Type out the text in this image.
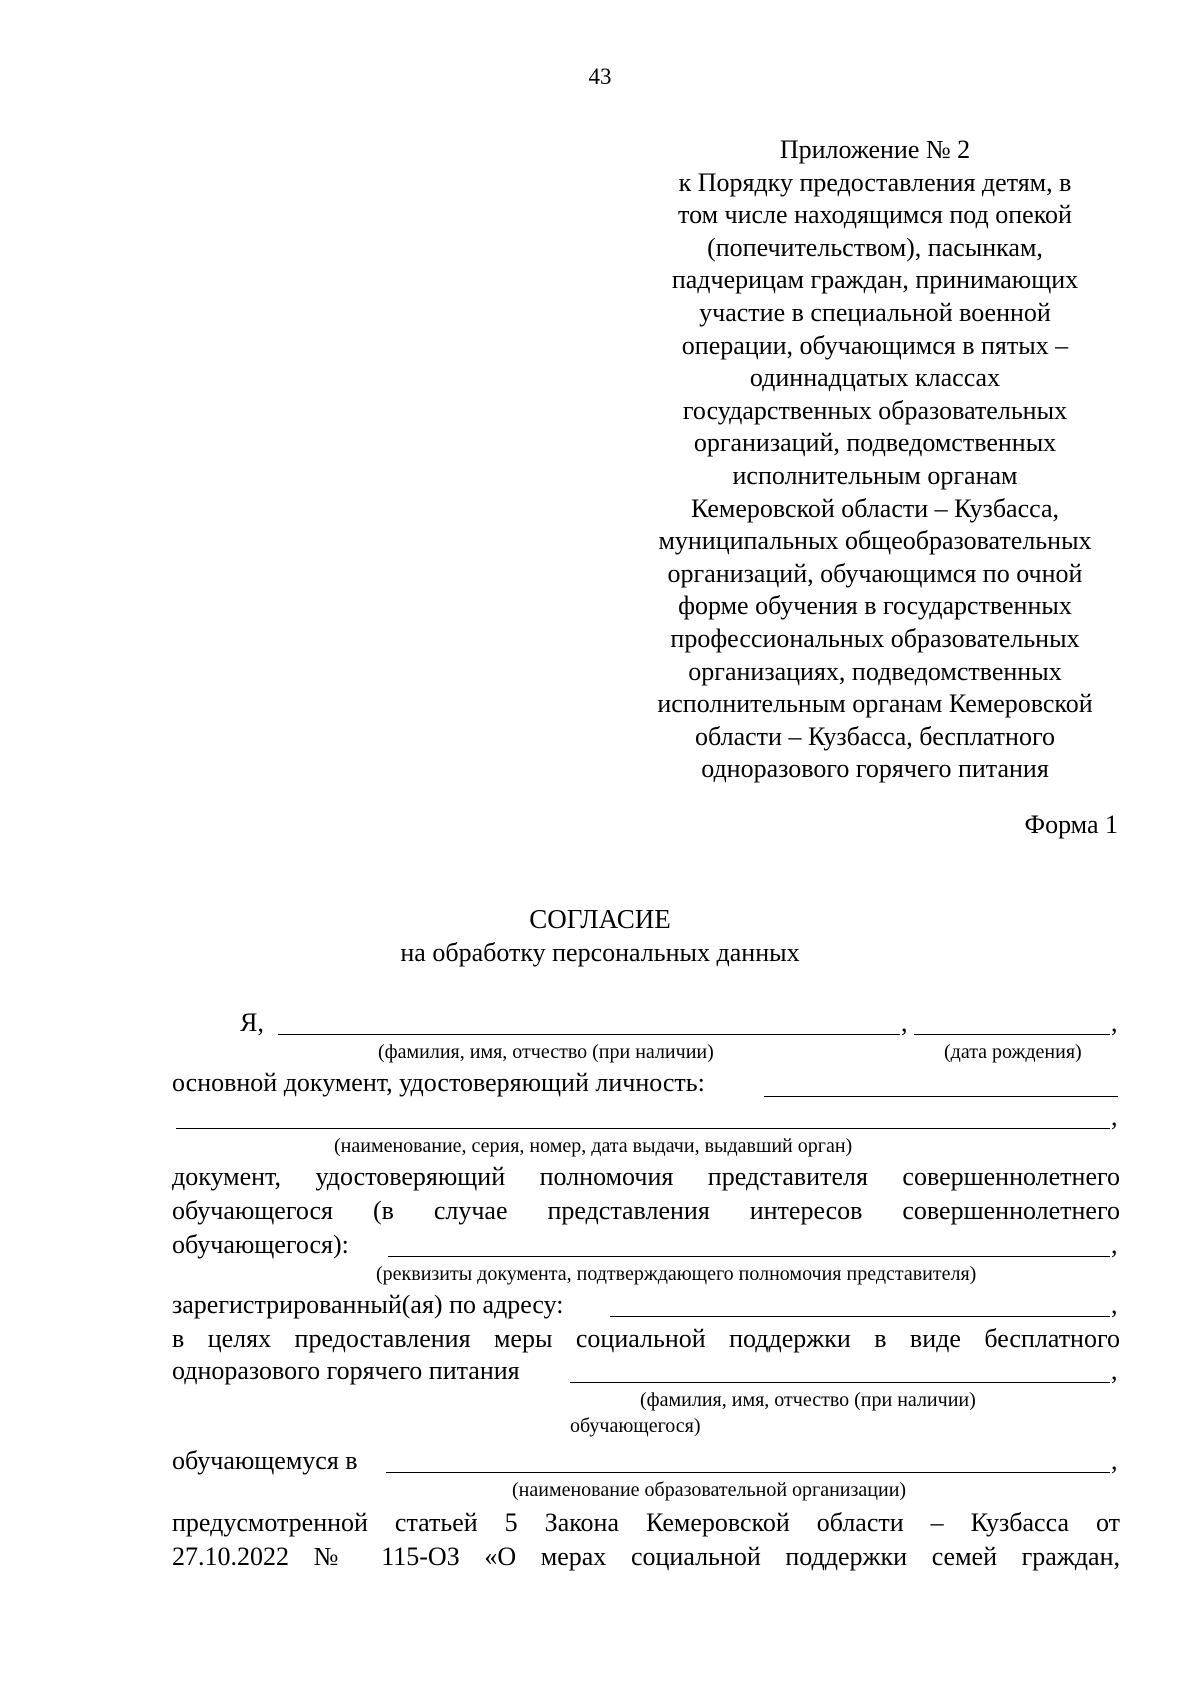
43
Приложение № 2
к Порядку предоставления детям, в
том числе находящимся под опекой
(попечительством), пасынкам,
падчерицам граждан, принимающих
участие в специальной военной
операции, обучающимся в пятых –
одиннадцатых классах
государственных образовательных
организаций, подведомственных
исполнительным органам
Кемеровской области – Кузбасса,
муниципальных общеобразовательных
организаций, обучающимся по очной
форме обучения в государственных
профессиональных образовательных
организациях, подведомственных
исполнительным органам Кемеровской
области – Кузбасса, бесплатного
одноразового горячего питания
Форма 1
СОГЛАСИЕ
на обработку персональных данных
Я,	,	,
(фамилия, имя, отчество (при наличии)	(дата рождения)
основной документ, удостоверяющий личность:
,
(наименование, серия, номер, дата выдачи, выдавший орган)
документ, удостоверяющий полномочия представителя совершеннолетнего
обучающегося (в случае представления интересов совершеннолетнего
обучающегося):	,
(реквизиты документа, подтверждающего полномочия представителя)
зарегистрированный(ая) по адресу:	,
в целях предоставления меры социальной поддержки в виде бесплатного
одноразового горячего питания	,
(фамилия, имя, отчество (при наличии)
обучающегося)
обучающемуся в	,
(наименование образовательной организации)
предусмотренной статьей 5 Закона Кемеровской области – Кузбасса от
27.10.2022 № 115-ОЗ «О мерах социальной поддержки семей граждан,
